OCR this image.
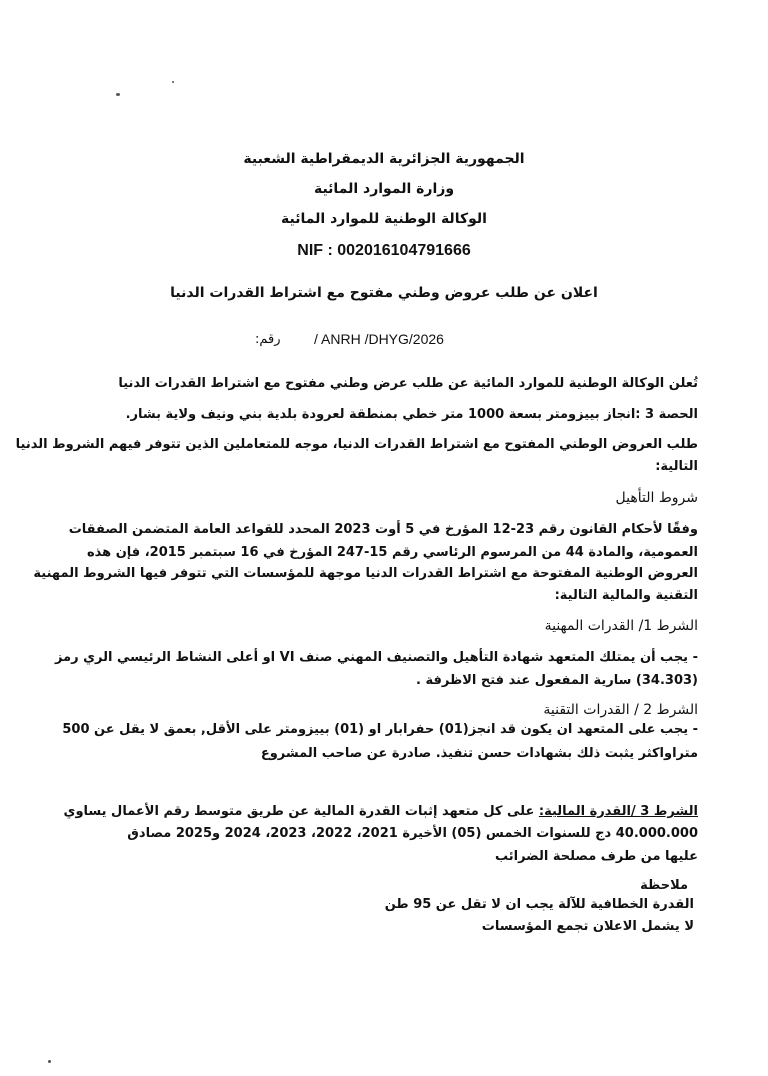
الجمهورية الجزائرية الديمقراطية الشعبية
وزارة الموارد المائية
الوكالة الوطنية للموارد المائية
NIF : 002016104791666
اعلان عن طلب عروض وطني مفتوح مع اشتراط القدرات الدنيا
رقم: / ANRH /DHYG/2026
تُعلن الوكالة الوطنية للموارد المائية عن طلب عرض وطني مفتوح مع اشتراط القدرات الدنيا
الحصة 3 :انجاز بييزومتر بسعة 1000 متر خطي بمنطقة لعرودة بلدية بني ونيف ولاية بشار.
طلب العروض الوطني المفتوح مع اشتراط القدرات الدنيا، موجه للمتعاملين الذين تتوفر فيهم الشروط الدنيا
التالية:
شروط التأهيل
وفقًا لأحكام القانون رقم 23-12 المؤرخ في 5 أوت 2023 المحدد للقواعد العامة المتضمن الصفقات
العمومية، والمادة 44 من المرسوم الرئاسي رقم 15-247 المؤرخ في 16 سبتمبر 2015، فإن هذه
العروض الوطنية المفتوحة مع اشتراط القدرات الدنيا موجهة للمؤسسات التي تتوفر فيها الشروط المهنية
التقنية والمالية التالية:
الشرط 1/ القدرات المهنية
- يجب أن يمتلك المتعهد شهادة التأهيل والتصنيف المهني صنف VI او أعلى النشاط الرئيسي الري رمز
(34.303) سارية المفعول عند فتح الاظرفة .
الشرط 2 / القدرات التقنية
- يجب على المتعهد ان يكون قد انجز(01) حفرابار او (01) بييزومتر على الأقل, بعمق لا يقل عن 500
متراواكثر يثبت ذلك بشهادات حسن تنفيذ. صادرة عن صاحب المشروع
الشرط 3 /القدرة المالية: على كل متعهد إثبات القدرة المالية عن طريق متوسط رقم الأعمال يساوي
40.000.000 دج للسنوات الخمس (05) الأخيرة 2021، 2022، 2023، 2024 و2025 مصادق
عليها من طرف مصلحة الضرائب
ملاحظة
القدرة الخطافية للآلة يجب ان لا تقل عن 95 طن
لا يشمل الاعلان تجمع المؤسسات
